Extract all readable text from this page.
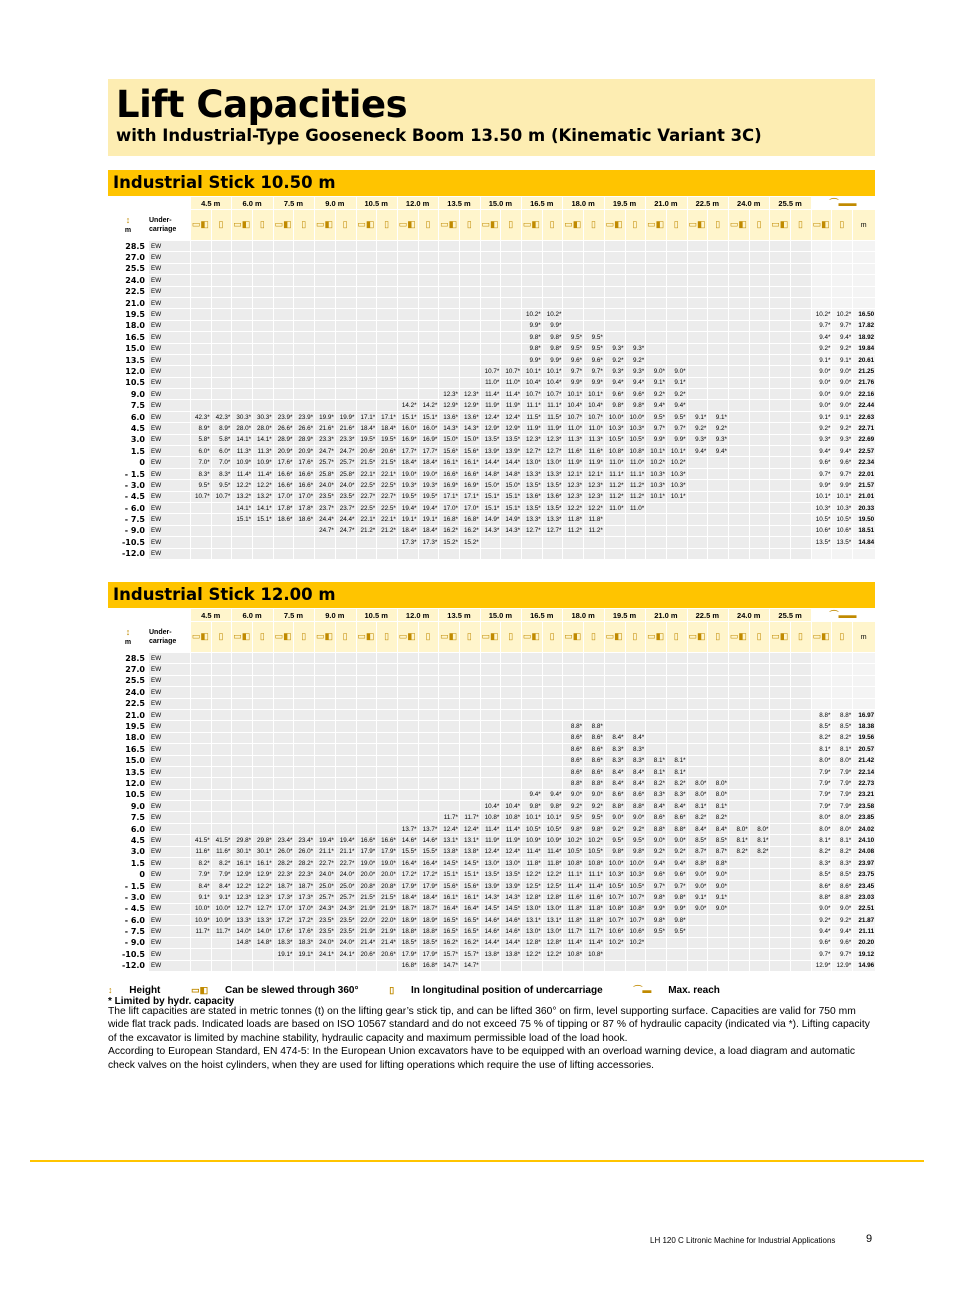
Lift Capacities
with Industrial-Type Gooseneck Boom 13.50 m (Kinematic Variant 3C)
Industrial Stick 10.50 m
		4.5 m		6.0 m		7.5 m		9.0 m		10.5 m		12.0 m		13.5 m		15.0 m		16.5 m		18.0 m		19.5 m		21.0 m		22.5 m		24.0 m		25.5 m		⌒▬▬		
↕
m	Under-carriage	▭◧	▯	▭◧	▯	▭◧	▯	▭◧	▯	▭◧	▯	▭◧	▯	▭◧	▯	▭◧	▯	▭◧	▯	▭◧	▯	▭◧	▯	▭◧	▯	▭◧	▯	▭◧	▯	▭◧	▯	▭◧	▯	m
28.5	EW																																	
27.0	EW																																	
25.5	EW																																	
24.0	EW																																	
22.5	EW																																	
21.0	EW																																	
19.5	EW																	10.2*	10.2*													10.2*	10.2*	16.50
18.0	EW																	9.9*	9.9*													9.7*	9.7*	17.82
16.5	EW																	9.8*	9.8*	9.5*	9.5*											9.4*	9.4*	18.92
15.0	EW																	9.8*	9.8*	9.5*	9.5*	9.3*	9.3*									9.2*	9.2*	19.84
13.5	EW																	9.9*	9.9*	9.6*	9.6*	9.2*	9.2*									9.1*	9.1*	20.61
12.0	EW															10.7*	10.7*	10.1*	10.1*	9.7*	9.7*	9.3*	9.3*	9.0*	9.0*							9.0*	9.0*	21.25
10.5	EW															11.0*	11.0*	10.4*	10.4*	9.9*	9.9*	9.4*	9.4*	9.1*	9.1*							9.0*	9.0*	21.76
9.0	EW													12.3*	12.3*	11.4*	11.4*	10.7*	10.7*	10.1*	10.1*	9.6*	9.6*	9.2*	9.2*							9.0*	9.0*	22.16
7.5	EW											14.2*	14.2*	12.9*	12.9*	11.9*	11.9*	11.1*	11.1*	10.4*	10.4*	9.8*	9.8*	9.4*	9.4*							9.0*	9.0*	22.44
6.0	EW	42.3*	42.3*	30.3*	30.3*	23.9*	23.9*	19.9*	19.9*	17.1*	17.1*	15.1*	15.1*	13.6*	13.6*	12.4*	12.4*	11.5*	11.5*	10.7*	10.7*	10.0*	10.0*	9.5*	9.5*	9.1*	9.1*					9.1*	9.1*	22.63
4.5	EW	8.9*	8.9*	28.0*	28.0*	26.6*	26.6*	21.6*	21.6*	18.4*	18.4*	16.0*	16.0*	14.3*	14.3*	12.9*	12.9*	11.9*	11.9*	11.0*	11.0*	10.3*	10.3*	9.7*	9.7*	9.2*	9.2*					9.2*	9.2*	22.71
3.0	EW	5.8*	5.8*	14.1*	14.1*	28.9*	28.9*	23.3*	23.3*	19.5*	19.5*	16.9*	16.9*	15.0*	15.0*	13.5*	13.5*	12.3*	12.3*	11.3*	11.3*	10.5*	10.5*	9.9*	9.9*	9.3*	9.3*					9.3*	9.3*	22.69
1.5	EW	6.0*	6.0*	11.3*	11.3*	20.9*	20.9*	24.7*	24.7*	20.6*	20.6*	17.7*	17.7*	15.6*	15.6*	13.9*	13.9*	12.7*	12.7*	11.6*	11.6*	10.8*	10.8*	10.1*	10.1*	9.4*	9.4*					9.4*	9.4*	22.57
0	EW	7.0*	7.0*	10.9*	10.9*	17.6*	17.6*	25.7*	25.7*	21.5*	21.5*	18.4*	18.4*	16.1*	16.1*	14.4*	14.4*	13.0*	13.0*	11.9*	11.9*	11.0*	11.0*	10.2*	10.2*							9.6*	9.6*	22.34
- 1.5	EW	8.3*	8.3*	11.4*	11.4*	16.6*	16.6*	25.8*	25.8*	22.1*	22.1*	19.0*	19.0*	16.6*	16.6*	14.8*	14.8*	13.3*	13.3*	12.1*	12.1*	11.1*	11.1*	10.3*	10.3*							9.7*	9.7*	22.01
- 3.0	EW	9.5*	9.5*	12.2*	12.2*	16.6*	16.6*	24.0*	24.0*	22.5*	22.5*	19.3*	19.3*	16.9*	16.9*	15.0*	15.0*	13.5*	13.5*	12.3*	12.3*	11.2*	11.2*	10.3*	10.3*							9.9*	9.9*	21.57
- 4.5	EW	10.7*	10.7*	13.2*	13.2*	17.0*	17.0*	23.5*	23.5*	22.7*	22.7*	19.5*	19.5*	17.1*	17.1*	15.1*	15.1*	13.6*	13.6*	12.3*	12.3*	11.2*	11.2*	10.1*	10.1*							10.1*	10.1*	21.01
- 6.0	EW			14.1*	14.1*	17.8*	17.8*	23.7*	23.7*	22.5*	22.5*	19.4*	19.4*	17.0*	17.0*	15.1*	15.1*	13.5*	13.5*	12.2*	12.2*	11.0*	11.0*									10.3*	10.3*	20.33
- 7.5	EW			15.1*	15.1*	18.6*	18.6*	24.4*	24.4*	22.1*	22.1*	19.1*	19.1*	16.8*	16.8*	14.9*	14.9*	13.3*	13.3*	11.8*	11.8*											10.5*	10.5*	19.50
- 9.0	EW							24.7*	24.7*	21.2*	21.2*	18.4*	18.4*	16.2*	16.2*	14.3*	14.3*	12.7*	12.7*	11.2*	11.2*											10.6*	10.6*	18.51
-10.5	EW											17.3*	17.3*	15.2*	15.2*																	13.5*	13.5*	14.84
-12.0	EW																																	
Industrial Stick 12.00 m
		4.5 m		6.0 m		7.5 m		9.0 m		10.5 m		12.0 m		13.5 m		15.0 m		16.5 m		18.0 m		19.5 m		21.0 m		22.5 m		24.0 m		25.5 m		⌒▬▬		
↕
m	Under-carriage	▭◧	▯	▭◧	▯	▭◧	▯	▭◧	▯	▭◧	▯	▭◧	▯	▭◧	▯	▭◧	▯	▭◧	▯	▭◧	▯	▭◧	▯	▭◧	▯	▭◧	▯	▭◧	▯	▭◧	▯	▭◧	▯	m
28.5	EW																																	
27.0	EW																																	
25.5	EW																																	
24.0	EW																																	
22.5	EW																																	
21.0	EW																															8.8*	8.8*	16.97
19.5	EW																			8.8*	8.8*											8.5*	8.5*	18.38
18.0	EW																			8.6*	8.6*	8.4*	8.4*									8.2*	8.2*	19.56
16.5	EW																			8.6*	8.6*	8.3*	8.3*									8.1*	8.1*	20.57
15.0	EW																			8.6*	8.6*	8.3*	8.3*	8.1*	8.1*							8.0*	8.0*	21.42
13.5	EW																			8.6*	8.6*	8.4*	8.4*	8.1*	8.1*							7.9*	7.9*	22.14
12.0	EW																			8.8*	8.8*	8.4*	8.4*	8.2*	8.2*	8.0*	8.0*					7.9*	7.9*	22.73
10.5	EW																	9.4*	9.4*	9.0*	9.0*	8.6*	8.6*	8.3*	8.3*	8.0*	8.0*					7.9*	7.9*	23.21
9.0	EW															10.4*	10.4*	9.8*	9.8*	9.2*	9.2*	8.8*	8.8*	8.4*	8.4*	8.1*	8.1*					7.9*	7.9*	23.58
7.5	EW													11.7*	11.7*	10.8*	10.8*	10.1*	10.1*	9.5*	9.5*	9.0*	9.0*	8.6*	8.6*	8.2*	8.2*					8.0*	8.0*	23.85
6.0	EW											13.7*	13.7*	12.4*	12.4*	11.4*	11.4*	10.5*	10.5*	9.8*	9.8*	9.2*	9.2*	8.8*	8.8*	8.4*	8.4*	8.0*	8.0*			8.0*	8.0*	24.02
4.5	EW	41.5*	41.5*	29.8*	29.8*	23.4*	23.4*	19.4*	19.4*	16.6*	16.6*	14.6*	14.6*	13.1*	13.1*	11.9*	11.9*	10.9*	10.9*	10.2*	10.2*	9.5*	9.5*	9.0*	9.0*	8.5*	8.5*	8.1*	8.1*			8.1*	8.1*	24.10
3.0	EW	11.6*	11.6*	30.1*	30.1*	26.0*	26.0*	21.1*	21.1*	17.9*	17.9*	15.5*	15.5*	13.8*	13.8*	12.4*	12.4*	11.4*	11.4*	10.5*	10.5*	9.8*	9.8*	9.2*	9.2*	8.7*	8.7*	8.2*	8.2*			8.2*	8.2*	24.08
1.5	EW	8.2*	8.2*	16.1*	16.1*	28.2*	28.2*	22.7*	22.7*	19.0*	19.0*	16.4*	16.4*	14.5*	14.5*	13.0*	13.0*	11.8*	11.8*	10.8*	10.8*	10.0*	10.0*	9.4*	9.4*	8.8*	8.8*					8.3*	8.3*	23.97
0	EW	7.9*	7.9*	12.9*	12.9*	22.3*	22.3*	24.0*	24.0*	20.0*	20.0*	17.2*	17.2*	15.1*	15.1*	13.5*	13.5*	12.2*	12.2*	11.1*	11.1*	10.3*	10.3*	9.6*	9.6*	9.0*	9.0*					8.5*	8.5*	23.75
- 1.5	EW	8.4*	8.4*	12.2*	12.2*	18.7*	18.7*	25.0*	25.0*	20.8*	20.8*	17.9*	17.9*	15.6*	15.6*	13.9*	13.9*	12.5*	12.5*	11.4*	11.4*	10.5*	10.5*	9.7*	9.7*	9.0*	9.0*					8.6*	8.6*	23.45
- 3.0	EW	9.1*	9.1*	12.3*	12.3*	17.3*	17.3*	25.7*	25.7*	21.5*	21.5*	18.4*	18.4*	16.1*	16.1*	14.3*	14.3*	12.8*	12.8*	11.6*	11.6*	10.7*	10.7*	9.8*	9.8*	9.1*	9.1*					8.8*	8.8*	23.03
- 4.5	EW	10.0*	10.0*	12.7*	12.7*	17.0*	17.0*	24.3*	24.3*	21.9*	21.9*	18.7*	18.7*	16.4*	16.4*	14.5*	14.5*	13.0*	13.0*	11.8*	11.8*	10.8*	10.8*	9.9*	9.9*	9.0*	9.0*					9.0*	9.0*	22.51
- 6.0	EW	10.9*	10.9*	13.3*	13.3*	17.2*	17.2*	23.5*	23.5*	22.0*	22.0*	18.9*	18.9*	16.5*	16.5*	14.6*	14.6*	13.1*	13.1*	11.8*	11.8*	10.7*	10.7*	9.8*	9.8*							9.2*	9.2*	21.87
- 7.5	EW	11.7*	11.7*	14.0*	14.0*	17.6*	17.6*	23.5*	23.5*	21.9*	21.9*	18.8*	18.8*	16.5*	16.5*	14.6*	14.6*	13.0*	13.0*	11.7*	11.7*	10.6*	10.6*	9.5*	9.5*							9.4*	9.4*	21.11
- 9.0	EW			14.8*	14.8*	18.3*	18.3*	24.0*	24.0*	21.4*	21.4*	18.5*	18.5*	16.2*	16.2*	14.4*	14.4*	12.8*	12.8*	11.4*	11.4*	10.2*	10.2*									9.6*	9.6*	20.20
-10.5	EW					19.1*	19.1*	24.1*	24.1*	20.6*	20.6*	17.9*	17.9*	15.7*	15.7*	13.8*	13.8*	12.2*	12.2*	10.8*	10.8*											9.7*	9.7*	19.12
-12.0	EW											16.8*	16.8*	14.7*	14.7*																	12.9*	12.9*	14.96
↕ Height	▭◧ Can be slewed through 360°	▯ In longitudinal position of undercarriage	⌒▬ Max. reach * Limited by hydr. capacity

The lift capacities are stated in metric tonnes (t) on the lifting gear’s stick tip, and can be lifted 360° on firm, level supporting surface. Capacities are valid for 750 mm wide flat track pads. Indicated loads are based on ISO 10567 standard and do not exceed 75 % of tipping or 87 % of hydraulic capacity (indicated via *). Lifting capacity of the excavator is limited by machine stability, hydraulic capacity and maximum permissible load of the load hook.

According to European Standard, EN 474-5: In the European Union excavators have to be equipped with an overload warning device, a load diagram and automatic check valves on the hoist cylinders, when they are used for lifting operations which require the use of lifting accessories.

LH 120 C Litronic Machine for Industrial Applications	9
